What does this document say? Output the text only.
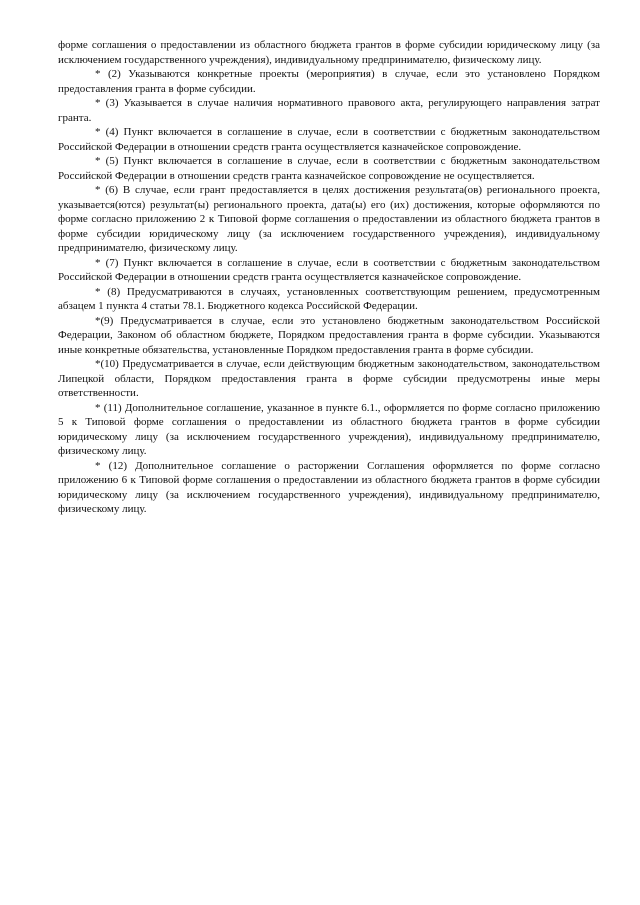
форме соглашения о предоставлении из областного бюджета грантов в форме субсидии юридическому лицу (за исключением государственного учреждения), индивидуальному предпринимателю, физическому лицу.

* (2) Указываются конкретные проекты (мероприятия) в случае, если это установлено Порядком предоставления гранта в форме субсидии.

* (3) Указывается в случае наличия нормативного правового акта, регулирующего направления затрат гранта.

* (4) Пункт включается в соглашение в случае, если в соответствии с бюджетным законодательством Российской Федерации в отношении средств гранта осуществляется казначейское сопровождение.

* (5) Пункт включается в соглашение в случае, если в соответствии с бюджетным законодательством Российской Федерации в отношении средств гранта казначейское сопровождение не осуществляется.

* (6) В случае, если грант предоставляется в целях достижения результата(ов) регионального проекта, указывается(ются) результат(ы) регионального проекта, дата(ы) его (их) достижения, которые оформляются по форме согласно приложению 2 к Типовой форме соглашения о предоставлении из областного бюджета грантов в форме субсидии юридическому лицу (за исключением государственного учреждения), индивидуальному предпринимателю, физическому лицу.

* (7) Пункт включается в соглашение в случае, если в соответствии с бюджетным законодательством Российской Федерации в отношении средств гранта осуществляется казначейское сопровождение.

* (8) Предусматриваются в случаях, установленных соответствующим решением, предусмотренным абзацем 1 пункта 4 статьи 78.1. Бюджетного кодекса Российской Федерации.

*(9) Предусматривается в случае, если это установлено бюджетным законодательством Российской Федерации, Законом об областном бюджете, Порядком предоставления гранта в форме субсидии. Указываются иные конкретные обязательства, установленные Порядком предоставления гранта в форме субсидии.

*(10) Предусматривается в случае, если действующим бюджетным законодательством, законодательством Липецкой области, Порядком предоставления гранта в форме субсидии предусмотрены иные меры ответственности.

* (11) Дополнительное соглашение, указанное в пункте 6.1., оформляется по форме согласно приложению 5 к Типовой форме соглашения о предоставлении из областного бюджета грантов в форме субсидии юридическому лицу (за исключением государственного учреждения), индивидуальному предпринимателю, физическому лицу.

* (12) Дополнительное соглашение о расторжении Соглашения оформляется по форме согласно приложению 6 к Типовой форме соглашения о предоставлении из областного бюджета грантов в форме субсидии юридическому лицу (за исключением государственного учреждения), индивидуальному предпринимателю, физическому лицу.
